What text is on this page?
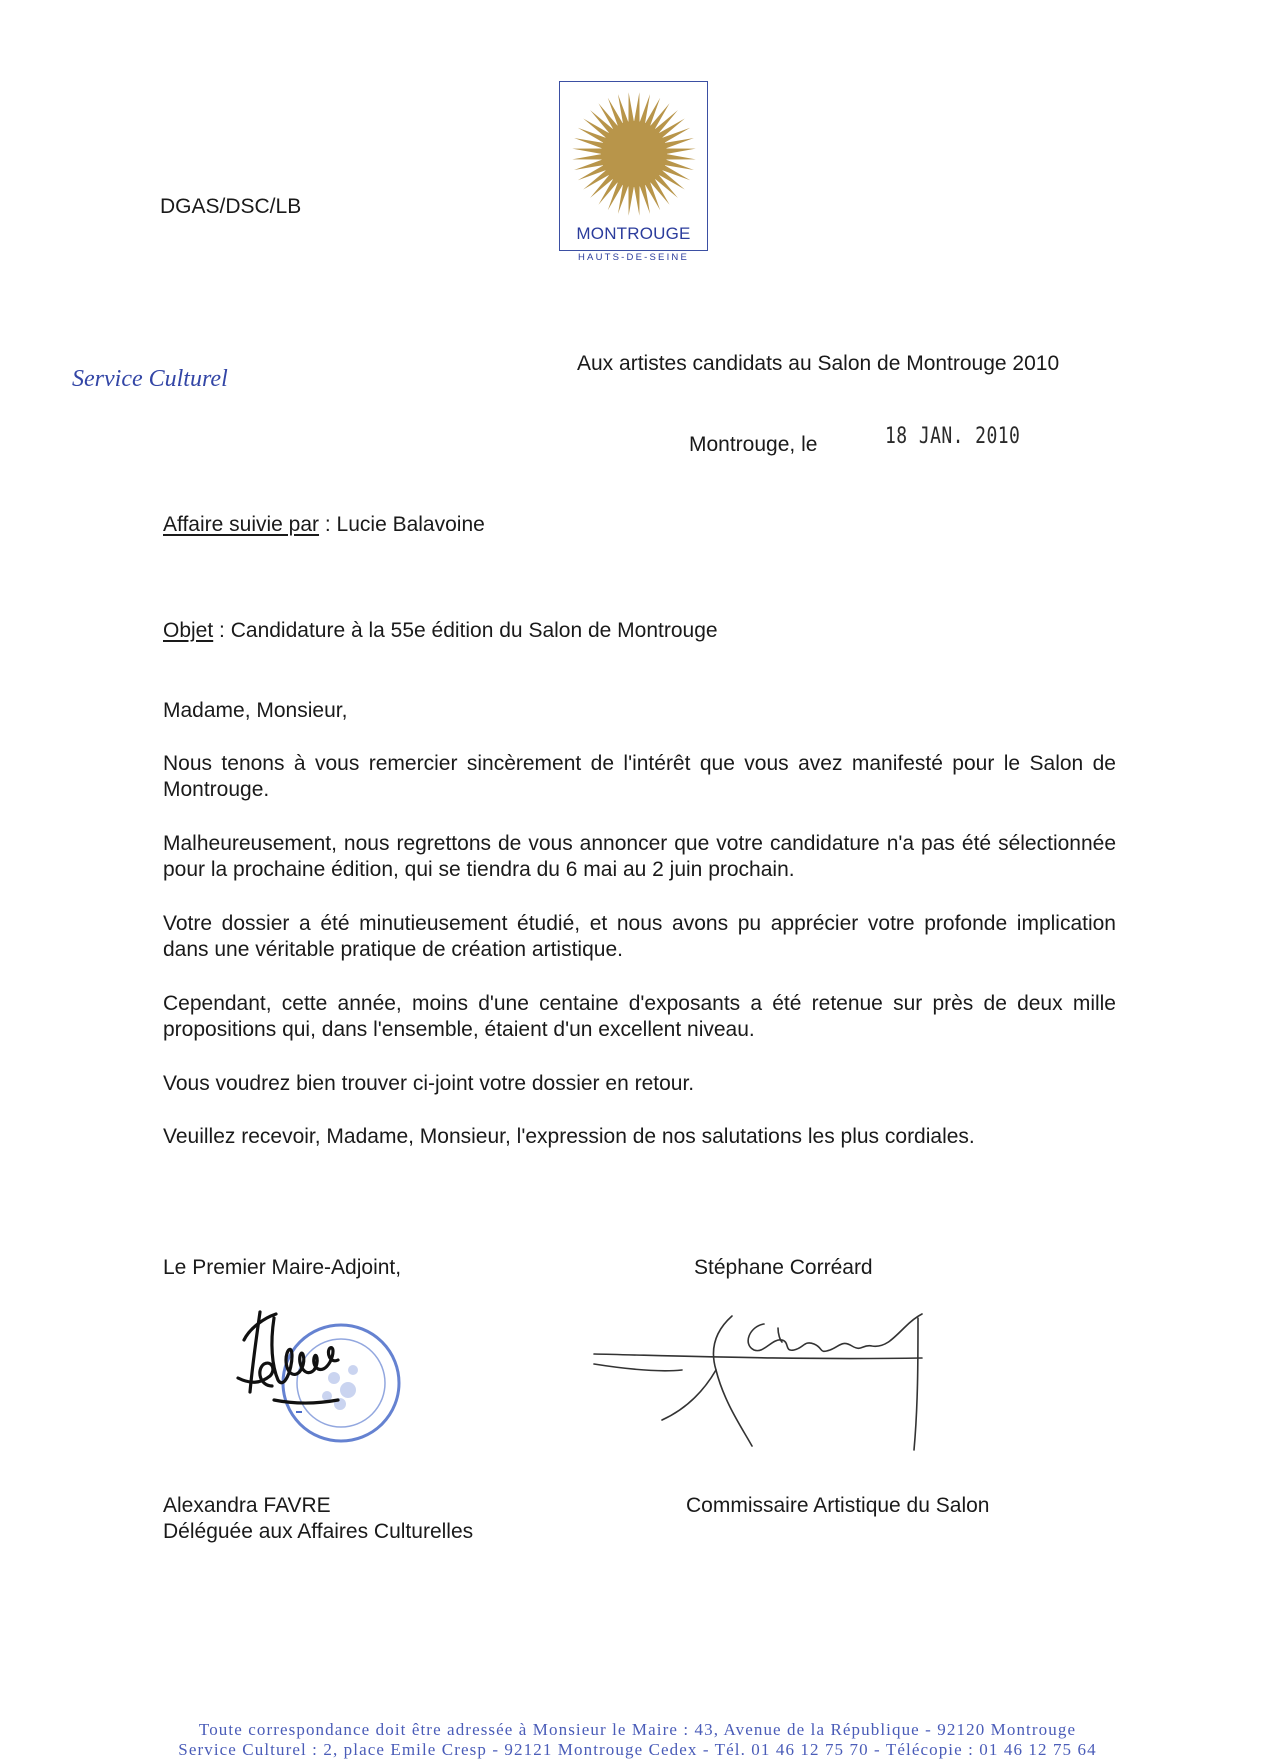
MONTROUGE
HAUTS-DE-SEINE
DGAS/DSC/LB
Service Culturel
Aux artistes candidats au Salon de Montrouge 2010
Montrouge, le	18 JAN. 2010
Affaire suivie par : Lucie Balavoine
Objet : Candidature à la 55e édition du Salon de Montrouge
Madame, Monsieur,
Nous tenons à vous remercier sincèrement de l'intérêt que vous avez manifesté pour le Salon de Montrouge.
Malheureusement, nous regrettons de vous annoncer que votre candidature n'a pas été sélectionnée pour la prochaine édition, qui se tiendra du 6 mai au 2 juin prochain.
Votre dossier a été minutieusement étudié, et nous avons pu apprécier votre profonde implication dans une véritable pratique de création artistique.
Cependant, cette année, moins d'une centaine d'exposants a été retenue sur près de deux mille propositions qui, dans l'ensemble, étaient d'un excellent niveau.
Vous voudrez bien trouver ci-joint votre dossier en retour.
Veuillez recevoir, Madame, Monsieur, l'expression de nos salutations les plus cordiales.
Le Premier Maire-Adjoint,
Alexandra FAVRE
Déléguée aux Affaires Culturelles
Stéphane Corréard
Commissaire Artistique du Salon
Toute correspondance doit être adressée à Monsieur le Maire : 43, Avenue de la République - 92120 Montrouge
Service Culturel : 2, place Emile Cresp - 92121 Montrouge Cedex - Tél. 01 46 12 75 70 - Télécopie : 01 46 12 75 64
